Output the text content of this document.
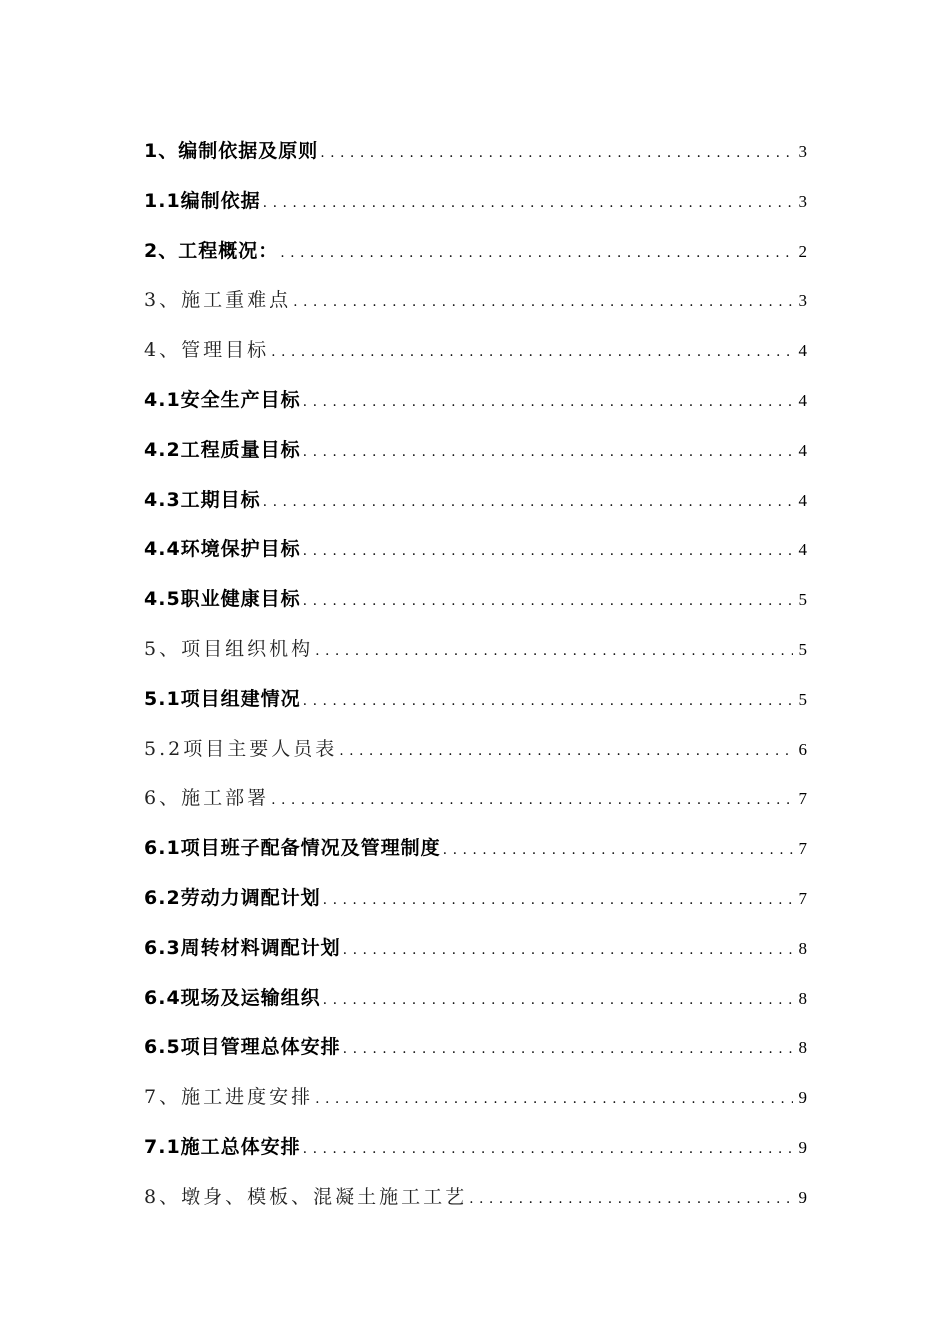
1、编制依据及原则 . . .	3
1.1编制依据 . . .	3
2、工程概况： . . .	2
3、施工重难点 . . .	3
4、管理目标 . . .	4
4.1安全生产目标 . . .	4
4.2工程质量目标 . . .	4
4.3工期目标 . . .	4
4.4环境保护目标 . . .	4
4.5职业健康目标 . . .	5
5、项目组织机构 . . .	5
5.1项目组建情况 . . .	5
5.2项目主要人员表 . . .	6
6、施工部署 . . .	7
6.1项目班子配备情况及管理制度 . . .	7
6.2劳动力调配计划 . . .	7
6.3周转材料调配计划 . . .	8
6.4现场及运输组织 . . .	8
6.5项目管理总体安排 . . .	8
7、施工进度安排 . . .	9
7.1施工总体安排 . . .	9
8、墩身、模板、混凝土施工工艺 . . .	9
